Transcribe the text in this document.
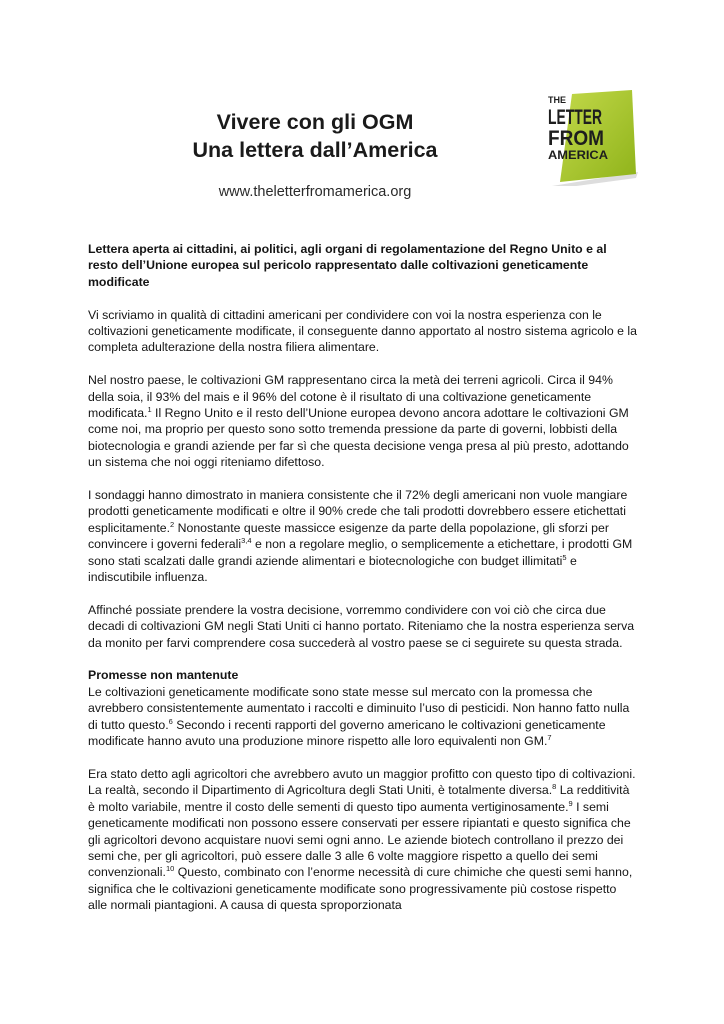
Vivere con gli OGM
Una lettera dall’America
www.theletterfromamerica.org
THE
LETTER
FROM
AMERICA

Lettera aperta ai cittadini, ai politici, agli organi di regolamentazione del Regno Unito e al resto dell’Unione europea sul pericolo rappresentato dalle coltivazioni geneticamente modificate

Vi scriviamo in qualità di cittadini americani per condividere con voi la nostra esperienza con le coltivazioni geneticamente modificate, il conseguente danno apportato al nostro sistema agricolo e la completa adulterazione della nostra filiera alimentare.

Nel nostro paese, le coltivazioni GM rappresentano circa la metà dei terreni agricoli. Circa il 94% della soia, il 93% del mais e il 96% del cotone è il risultato di una coltivazione geneticamente modificata.$^1$ Il Regno Unito e il resto dell’Unione europea devono ancora adottare le coltivazioni GM come noi, ma proprio per questo sono sotto tremenda pressione da parte di governi, lobbisti della biotecnologia e grandi aziende per far sì che questa decisione venga presa al più presto, adottando un sistema che noi oggi riteniamo difettoso.

I sondaggi hanno dimostrato in maniera consistente che il 72% degli americani non vuole mangiare prodotti geneticamente modificati e oltre il 90% crede che tali prodotti dovrebbero essere etichettati esplicitamente.$^2$ Nonostante queste massicce esigenze da parte della popolazione, gli sforzi per convincere i governi federali$^{3,4}$ e non a regolare meglio, o semplicemente a etichettare, i prodotti GM sono stati scalzati dalle grandi aziende alimentari e biotecnologiche con budget illimitati$^5$ e indiscutibile influenza.

Affinché possiate prendere la vostra decisione, vorremmo condividere con voi ciò che circa due decadi di coltivazioni GM negli Stati Uniti ci hanno portato. Riteniamo che la nostra esperienza serva da monito per farvi comprendere cosa succederà al vostro paese se ci seguirete su questa strada.

Promesse non mantenute

Le coltivazioni geneticamente modificate sono state messe sul mercato con la promessa che avrebbero consistentemente aumentato i raccolti e diminuito l’uso di pesticidi. Non hanno fatto nulla di tutto questo.$^6$ Secondo i recenti rapporti del governo americano le coltivazioni geneticamente modificate hanno avuto una produzione minore rispetto alle loro equivalenti non GM.$^7$

Era stato detto agli agricoltori che avrebbero avuto un maggior profitto con questo tipo di coltivazioni. La realtà, secondo il Dipartimento di Agricoltura degli Stati Uniti, è totalmente diversa.$^8$ La redditività è molto variabile, mentre il costo delle sementi di questo tipo aumenta vertiginosamente.$^9$ I semi geneticamente modificati non possono essere conservati per essere ripiantati e questo significa che gli agricoltori devono acquistare nuovi semi ogni anno. Le aziende biotech controllano il prezzo dei semi che, per gli agricoltori, può essere dalle 3 alle 6 volte maggiore rispetto a quello dei semi convenzionali.$^{10}$ Questo, combinato con l’enorme necessità di cure chimiche che questi semi hanno, significa che le coltivazioni geneticamente modificate sono progressivamente più costose rispetto alle normali piantagioni. A causa di questa sproporzionata
